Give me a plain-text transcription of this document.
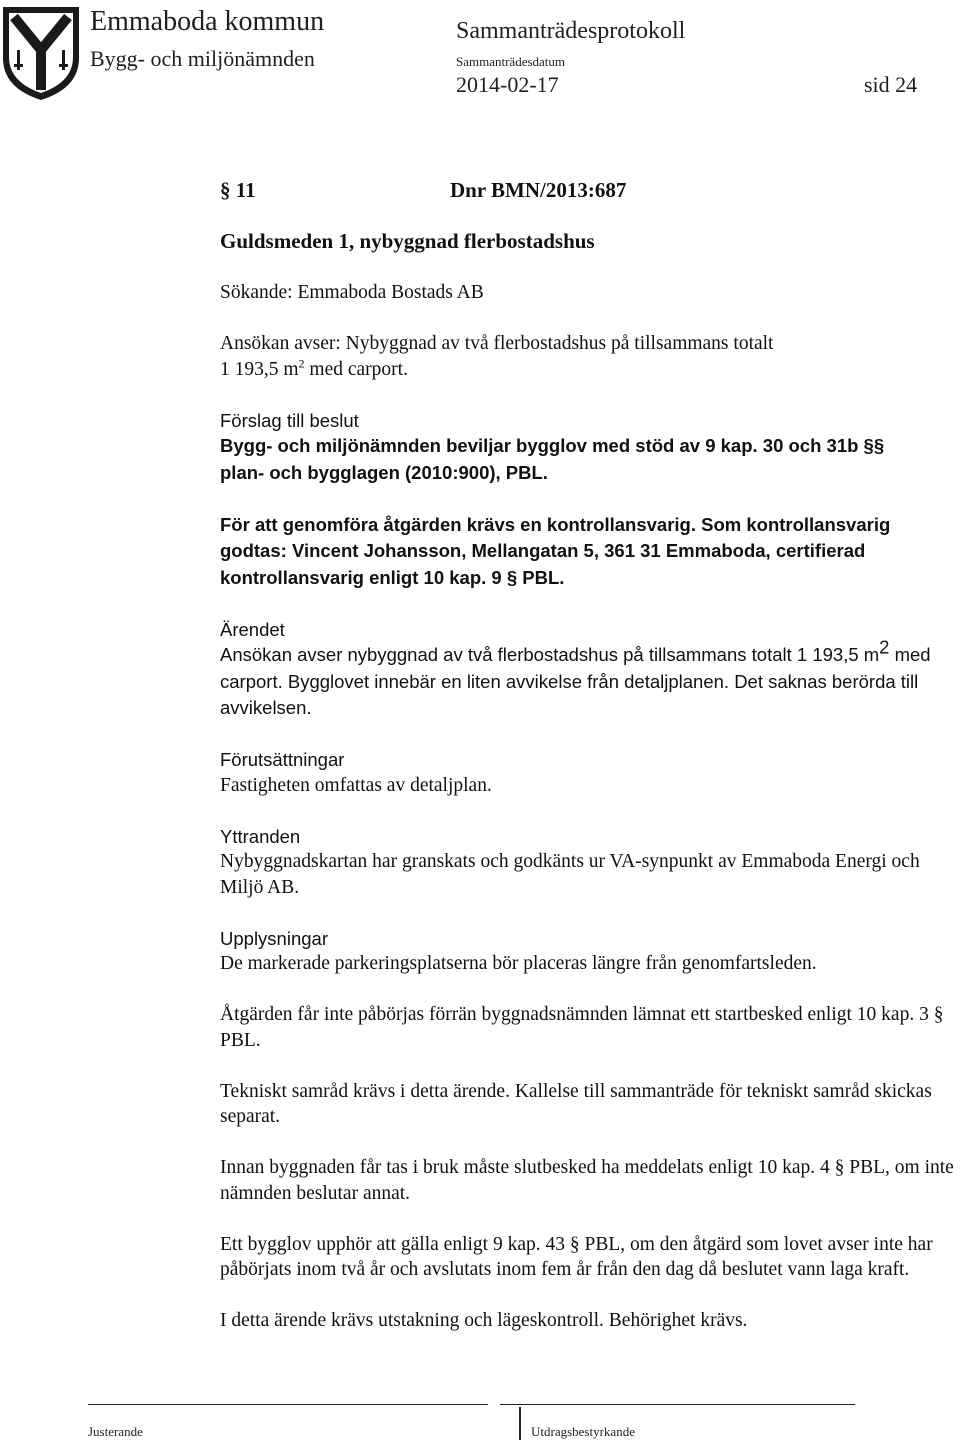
Emmaboda kommun
Bygg- och miljönämnden
Sammanträdesprotokoll
Sammanträdesdatum
2014-02-17	sid 24

§ 11	Dnr BMN/2013:687

Guldsmeden 1, nybyggnad flerbostadshus

Sökande: Emmaboda Bostads AB

Ansökan avser: Nybyggnad av två flerbostadshus på tillsammans totalt
1 193,5 $m^2$ med carport.

Förslag till beslut
Bygg- och miljönämnden beviljar bygglov med stöd av 9 kap. 30 och 31b §§
plan- och bygglagen (2010:900), PBL.

För att genomföra åtgärden krävs en kontrollansvarig. Som kontrollansvarig godtas: Vincent Johansson, Mellangatan 5, 361 31 Emmaboda, certifierad kontrollansvarig enligt 10 kap. 9 § PBL.

Ärendet
Ansökan avser nybyggnad av två flerbostadshus på tillsammans totalt 1 193,5 $m^2$ med carport. Bygglovet innebär en liten avvikelse från detaljplanen. Det saknas berörda till avvikelsen.

Förutsättningar
Fastigheten omfattas av detaljplan.

Yttranden
Nybyggnadskartan har granskats och godkänts ur VA-synpunkt av Emmaboda Energi och Miljö AB.

Upplysningar
De markerade parkeringsplatserna bör placeras längre från genomfartsleden.

Åtgärden får inte påbörjas förrän byggnadsnämnden lämnat ett startbesked enligt 10 kap. 3 § PBL.

Tekniskt samråd krävs i detta ärende. Kallelse till sammanträde för tekniskt samråd skickas separat.

Innan byggnaden får tas i bruk måste slutbesked ha meddelats enligt 10 kap. 4 § PBL, om inte nämnden beslutar annat.

Ett bygglov upphör att gälla enligt 9 kap. 43 § PBL, om den åtgärd som lovet avser inte har påbörjats inom två år och avslutats inom fem år från den dag då beslutet vann laga kraft.

I detta ärende krävs utstakning och lägeskontroll. Behörighet krävs.

Justerande	Utdragsbestyrkande
